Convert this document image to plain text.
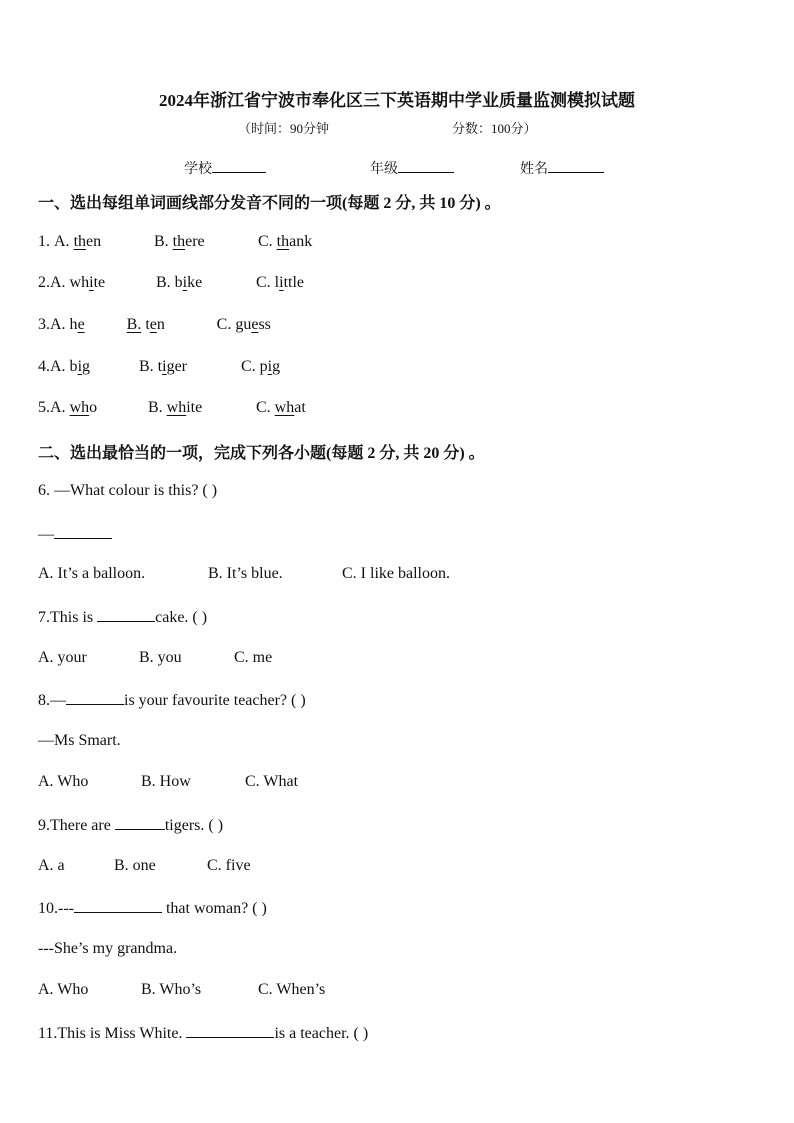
2024年浙江省宁波市奉化区三下英语期中学业质量监测模拟试题
（时间：90分钟	分数：100分）
学校	年级	姓名
一、选出每组单词画线部分发音不同的一项(每题 2 分, 共 10 分) 。
1. A. then	B. there	C. thank
2.A. white	B. bike	C. little
3.A. he	B. ten	C. guess
4.A. big	B. tiger	C. pig
5.A. who	B. white	C. what
二、选出最恰当的一项，完成下列各小题(每题 2 分, 共 20 分) 。
6. —What colour is this? ( )
—
A. It’s a balloon.	B. It’s blue.	C. I like balloon.
7.This is	cake. ( )
A. your	B. you	C. me
8.—	is your favourite teacher? ( )
—Ms Smart.
A. Who	B. How	C. What
9.There are	tigers. ( )
A. a	B. one	C. five
10.---	that woman? ( )
---She’s my grandma.
A. Who	B. Who’s	C. When’s
11.This is Miss White.	is a teacher. ( )
